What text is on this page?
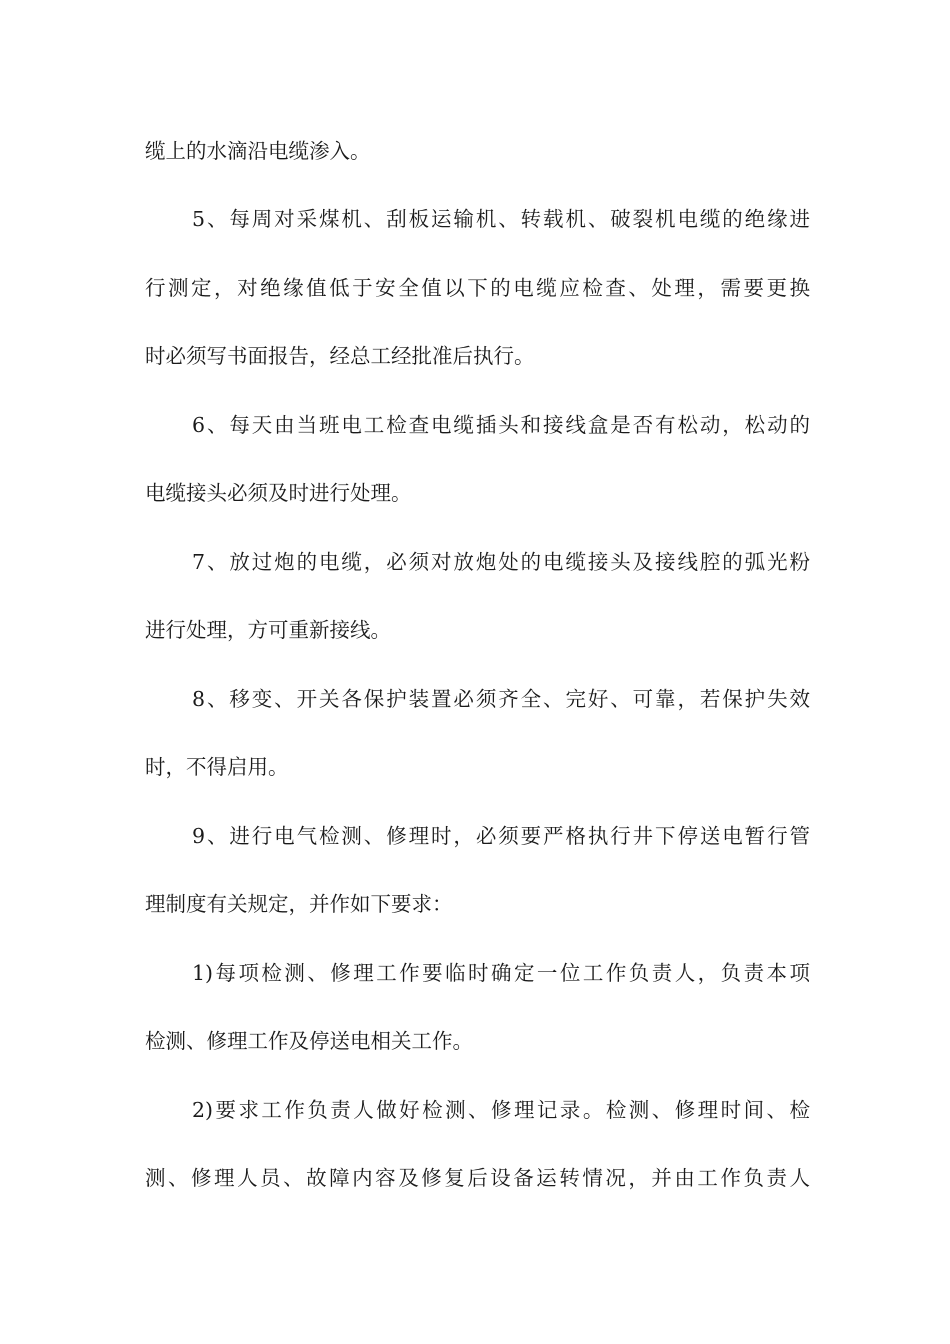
缆上的水滴沿电缆渗入。
5、每周对采煤机、刮板运输机、转载机、破裂机电缆的绝缘进
行测定，对绝缘值低于安全值以下的电缆应检查、处理，需要更换
时必须写书面报告，经总工经批准后执行。
6、每天由当班电工检查电缆插头和接线盒是否有松动，松动的
电缆接头必须及时进行处理。
7、放过炮的电缆，必须对放炮处的电缆接头及接线腔的弧光粉
进行处理，方可重新接线。
8、移变、开关各保护装置必须齐全、完好、可靠，若保护失效
时，不得启用。
9、进行电气检测、修理时，必须要严格执行井下停送电暂行管
理制度有关规定，并作如下要求：
1)每项检测、修理工作要临时确定一位工作负责人，负责本项
检测、修理工作及停送电相关工作。
2)要求工作负责人做好检测、修理记录。检测、修理时间、检
测、修理人员、故障内容及修复后设备运转情况，并由工作负责人
